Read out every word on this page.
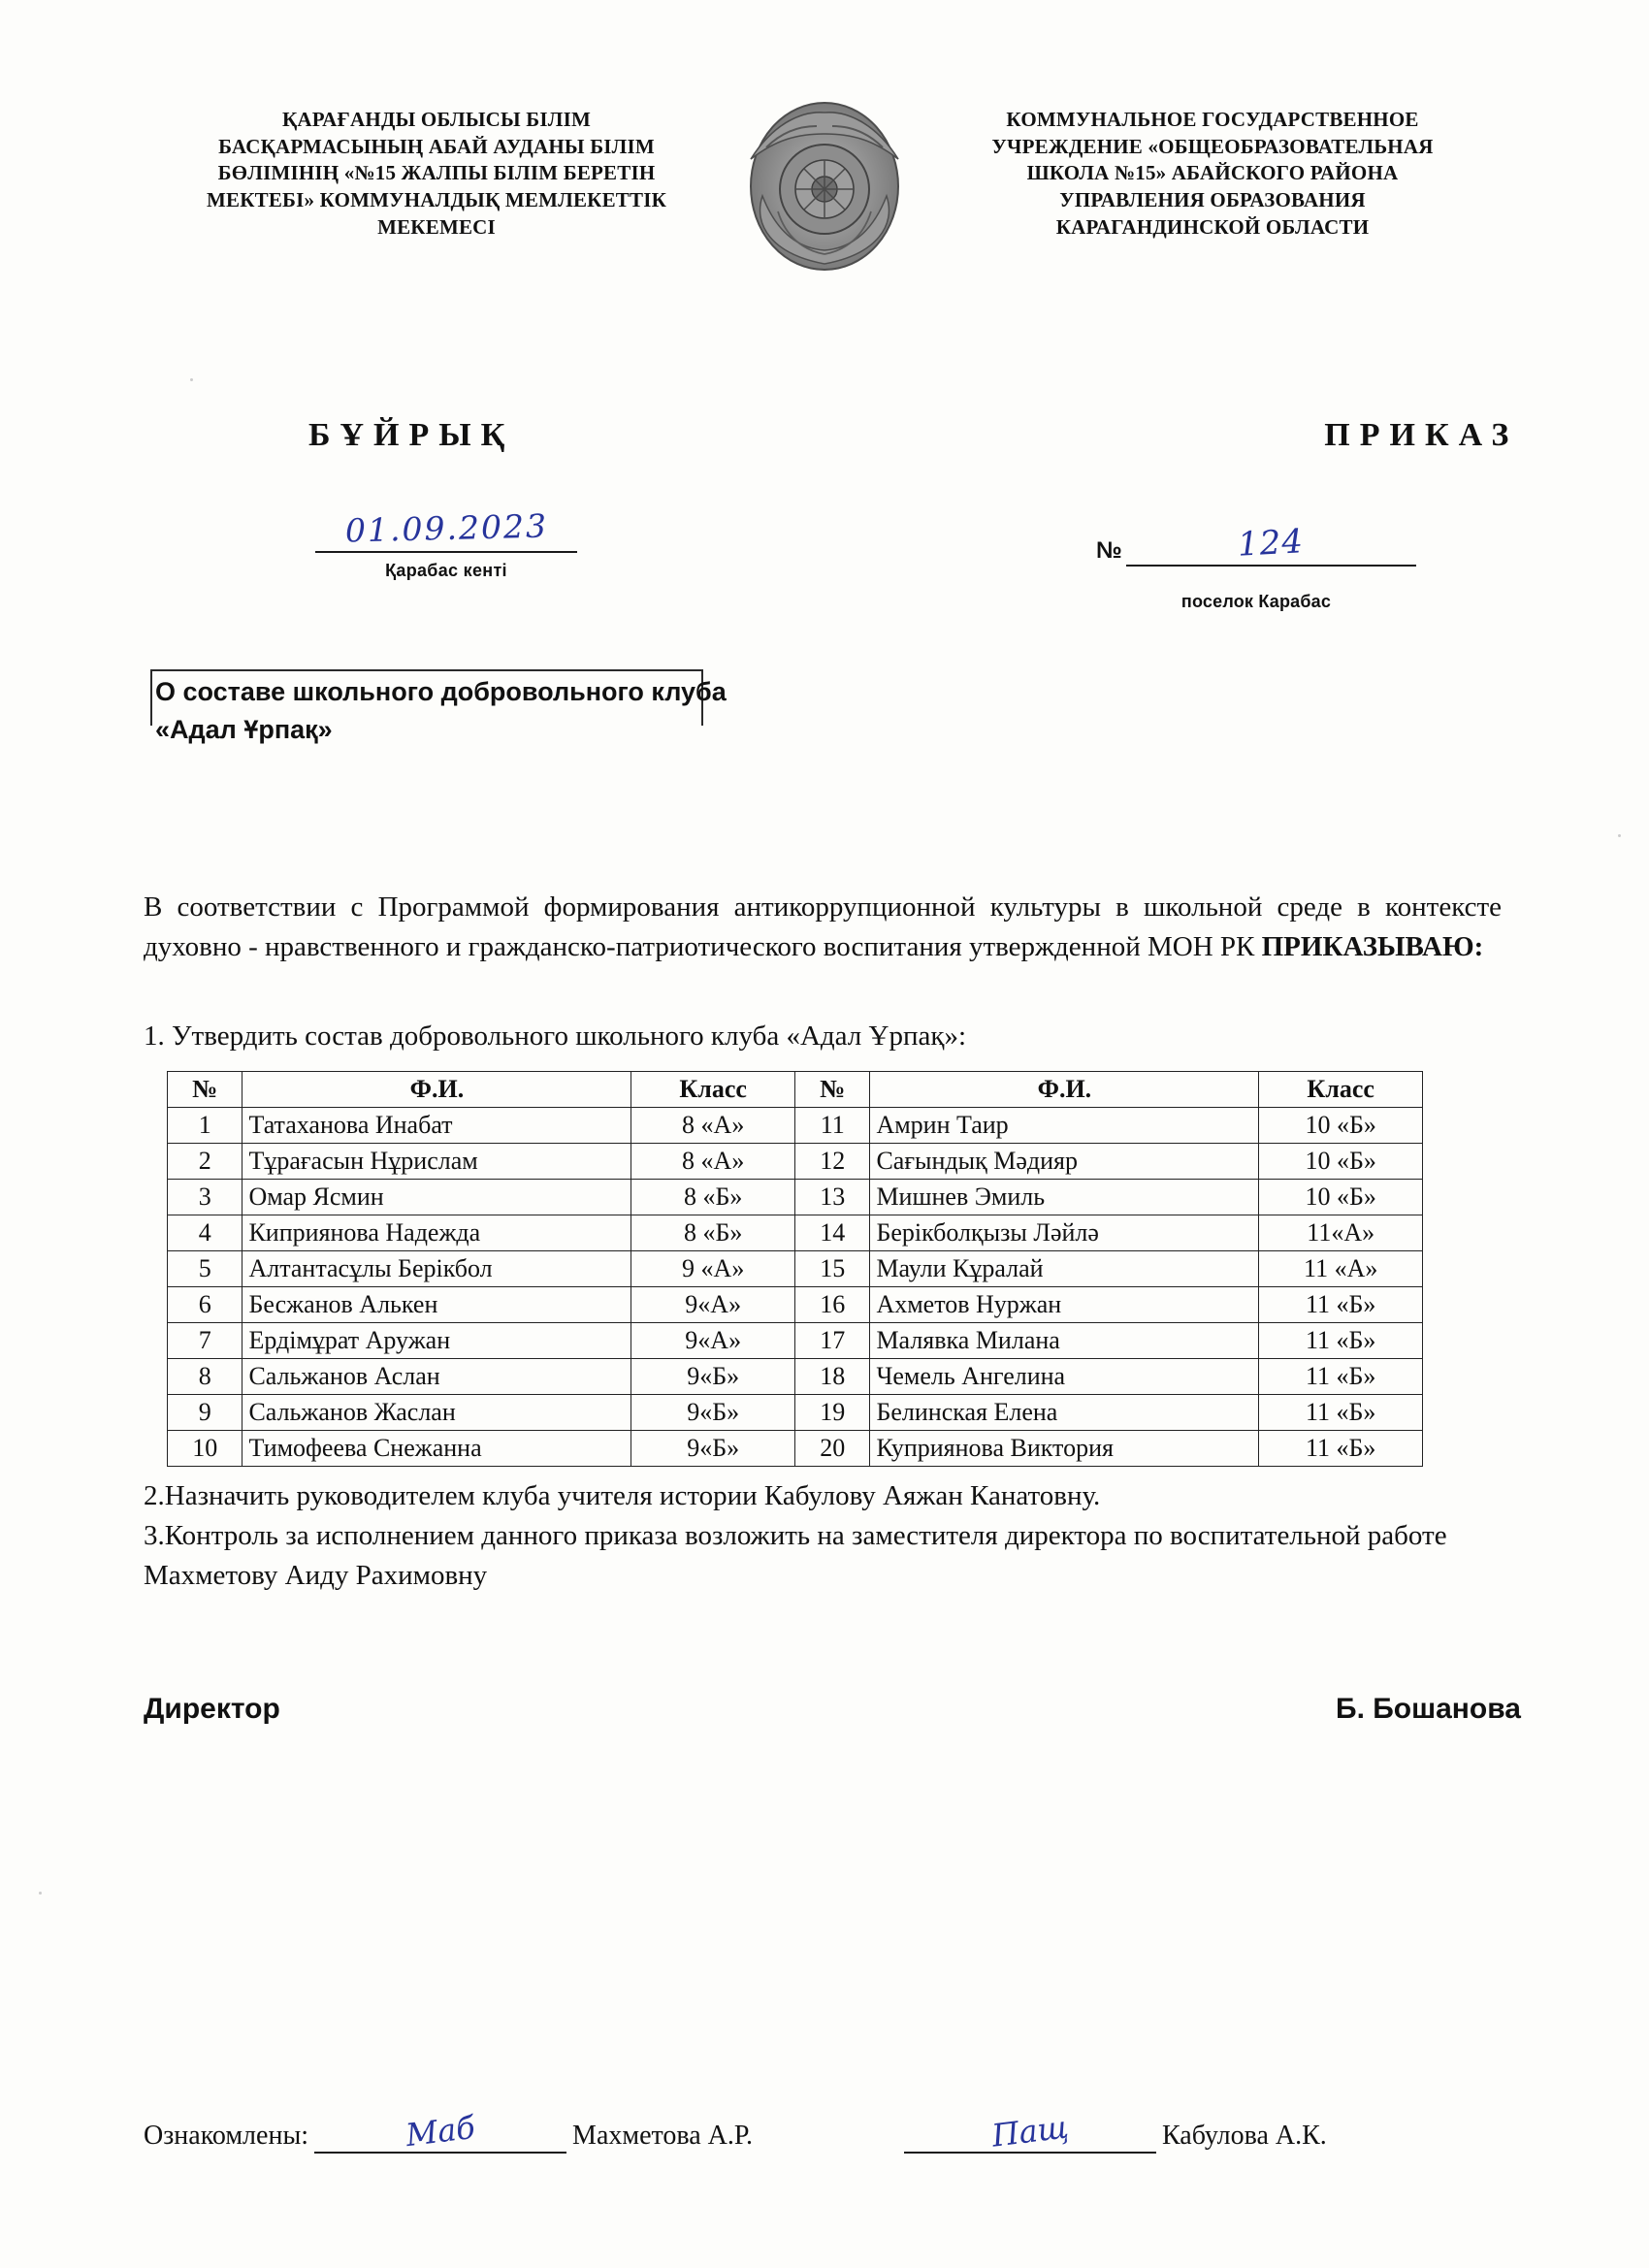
ҚАРАҒАНДЫ ОБЛЫСЫ БІЛІМ БАСҚАРМАСЫНЫҢ АБАЙ АУДАНЫ БІЛІМ БӨЛІМІНІҢ «№15 ЖАЛПЫ БІЛІМ БЕРЕТІН МЕКТЕБІ» КОММУНАЛДЫҚ МЕМЛЕКЕТТІК МЕКЕМЕСІ
КОММУНАЛЬНОЕ ГОСУДАРСТВЕННОЕ УЧРЕЖДЕНИЕ «ОБЩЕОБРАЗОВАТЕЛЬНАЯ ШКОЛА №15» АБАЙСКОГО РАЙОНА УПРАВЛЕНИЯ ОБРАЗОВАНИЯ КАРАГАНДИНСКОЙ ОБЛАСТИ
БҰЙРЫҚ	ПРИКАЗ
01.09.2023
Қарабас кенті
№	124
поселок Карабас
О составе школьного добровольного клуба «Адал Ұрпақ»
В соответствии с Программой формирования антикоррупционной культуры в школьной среде в контексте духовно - нравственного и гражданско-патриотического воспитания утвержденной МОН РК ПРИКАЗЫВАЮ:
1. Утвердить состав добровольного школьного клуба «Адал Ұрпақ»:
№	Ф.И.	Класс	№	Ф.И.	Класс
1	Татаханова Инабат	8 «А»	11	Амрин Таир	10 «Б»
2	Тұрағасын Нұрислам	8 «А»	12	Сағындық Мәдияр	10 «Б»
3	Омар Ясмин	8 «Б»	13	Мишнев Эмиль	10 «Б»
4	Киприянова Надежда	8 «Б»	14	Берікболқызы Ләйлә	11«А»
5	Алтантасұлы Берікбол	9 «А»	15	Маули Кұралай	11 «А»
6	Бесжанов Алькен	9«А»	16	Ахметов Нуржан	11 «Б»
7	Ердімұрат Аружан	9«А»	17	Малявка Милана	11 «Б»
8	Сальжанов Аслан	9«Б»	18	Чемель Ангелина	11 «Б»
9	Сальжанов Жаслан	9«Б»	19	Белинская Елена	11 «Б»
10	Тимофеева Снежанна	9«Б»	20	Куприянова Виктория	11 «Б»
2.Назначить руководителем клуба учителя истории Кабулову Аяжан Канатовну.
3.Контроль за исполнением данного приказа возложить на заместителя директора по воспитательной работе Махметову Аиду Рахимовну
Директор	Б. Бошанова
Ознакомлены:	Маб	Махметова А.Р.	Пащ	Кабулова А.К.
